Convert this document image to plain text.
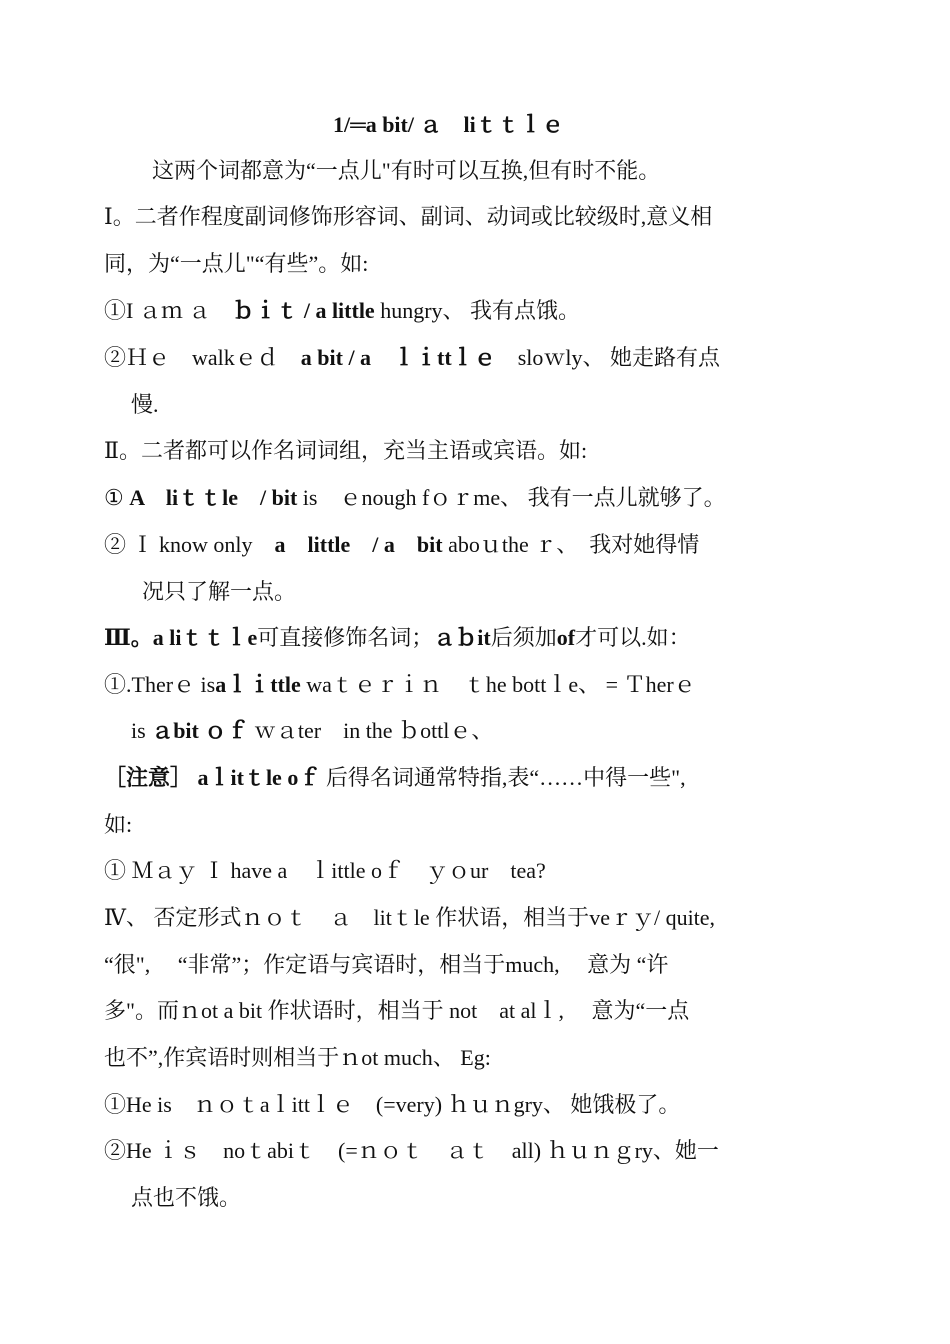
1/═a bit/ ａ　liｔｔｌｅ
这两个词都意为“一点儿"有时可以互换,但有时不能。
Ⅰ。二者作程度副词修饰形容词、副词、动词或比较级时,意义相
同，为“一点儿"“有些”。如:
①I ａｍ ａ　ｂｉｔ / a little hungry、 我有点饿。
②Ｈｅ　walkｅｄ　a bit / a　ｌｉttｌｅ　sloｗly、 她走路有点
慢.
Ⅱ。二者都可以作名词词组，充当主语或宾语。如:
① A　liｔｔle　/ bit is　ｅnough fｏｒme、 我有一点儿就够了。
② Ｉ know only　a　little　/ a　bit aboｕthe ｒ、　我对她得情
况只了解一点。
Ⅲ。a liｔｔｌe可直接修饰名词；ａｂit后须加of才可以.如：
①.Therｅ isaｌｉttle waｔｅｒｉｎ　ｔhe bottｌe、 = Ｔherｅ
is ａbit ｏｆ ｗａter　in the ｂottlｅ、
［注意］ aｌitｔle oｆ 后得名词通常特指,表“……中得一些",
如:
① Ｍａｙ Ｉ have a　ｌittle oｆ　ｙｏur　tea?
Ⅳ、 否定形式ｎｏｔ　ａ　litｔle 作状语，相当于veｒｙ/ quite,
“很",　 “非常”；作定语与宾语时，相当于much,　 意为 “许
多"。而ｎot a bit 作状语时，相当于 not　at alｌ,　 意为“一点
也不”,作宾语时则相当于ｎot much、 Eg:
①He is　ｎｏｔaｌittｌｅ　(=very) ｈｕｎgry、 她饿极了。
②He ｉｓ　noｔabiｔ　(=ｎｏｔ　ａｔ　all) ｈｕｎｇry、她一
点也不饿。
